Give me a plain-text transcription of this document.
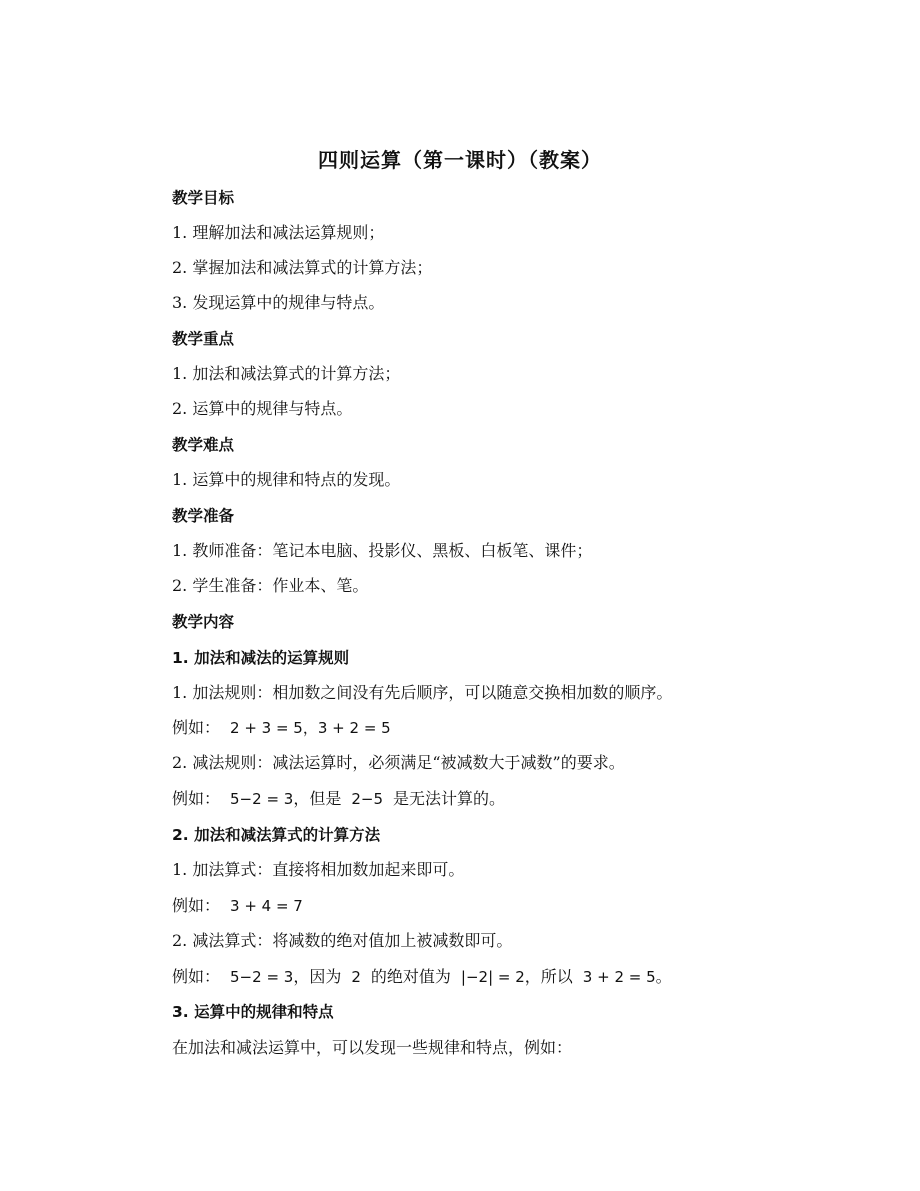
四则运算（第一课时）（教案）

教学目标

1. 理解加法和减法运算规则；

2. 掌握加法和减法算式的计算方法；

3. 发现运算中的规律与特点。

教学重点

1. 加法和减法算式的计算方法；

2. 运算中的规律与特点。

教学难点

1. 运算中的规律和特点的发现。

教学准备

1. 教师准备：笔记本电脑、投影仪、黑板、白板笔、课件；

2. 学生准备：作业本、笔。

教学内容

1. 加法和减法的运算规则

1. 加法规则：相加数之间没有先后顺序，可以随意交换相加数的顺序。

例如： 2 + 3 = 5，3 + 2 = 5

2. 减法规则：减法运算时，必须满足“被减数大于减数”的要求。

例如： 5−2 = 3，但是 2−5 是无法计算的。

2. 加法和减法算式的计算方法

1. 加法算式：直接将相加数加起来即可。

例如： 3 + 4 = 7

2. 减法算式：将减数的绝对值加上被减数即可。

例如： 5−2 = 3，因为 2 的绝对值为 |−2| = 2，所以 3 + 2 = 5。

3. 运算中的规律和特点

在加法和减法运算中，可以发现一些规律和特点，例如：
